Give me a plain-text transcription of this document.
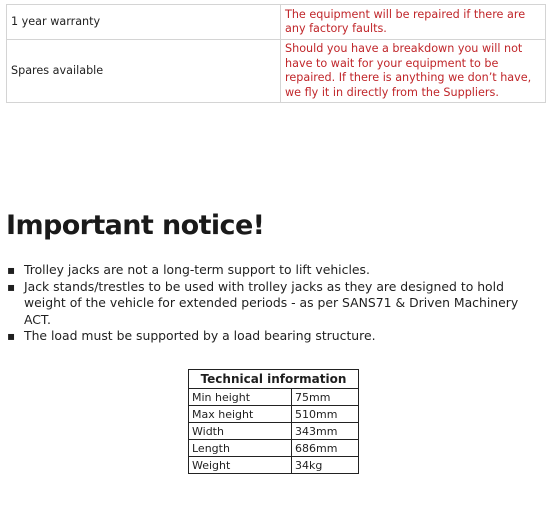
1 year warranty	The equipment will be repaired if there are any factory faults.
Spares available	Should you have a breakdown you will not have to wait for your equipment to be repaired. If there is anything we don’t have, we fly it in directly from the Suppliers.
Important notice!
▪ Trolley jacks are not a long-term support to lift vehicles.
▪ Jack stands/trestles to be used with trolley jacks as they are designed to hold weight of the vehicle for extended periods - as per SANS71 & Driven Machinery ACT.
▪ The load must be supported by a load bearing structure.
Technical information	
Min height	75mm
Max height	510mm
Width	343mm
Length	686mm
Weight	34kg
